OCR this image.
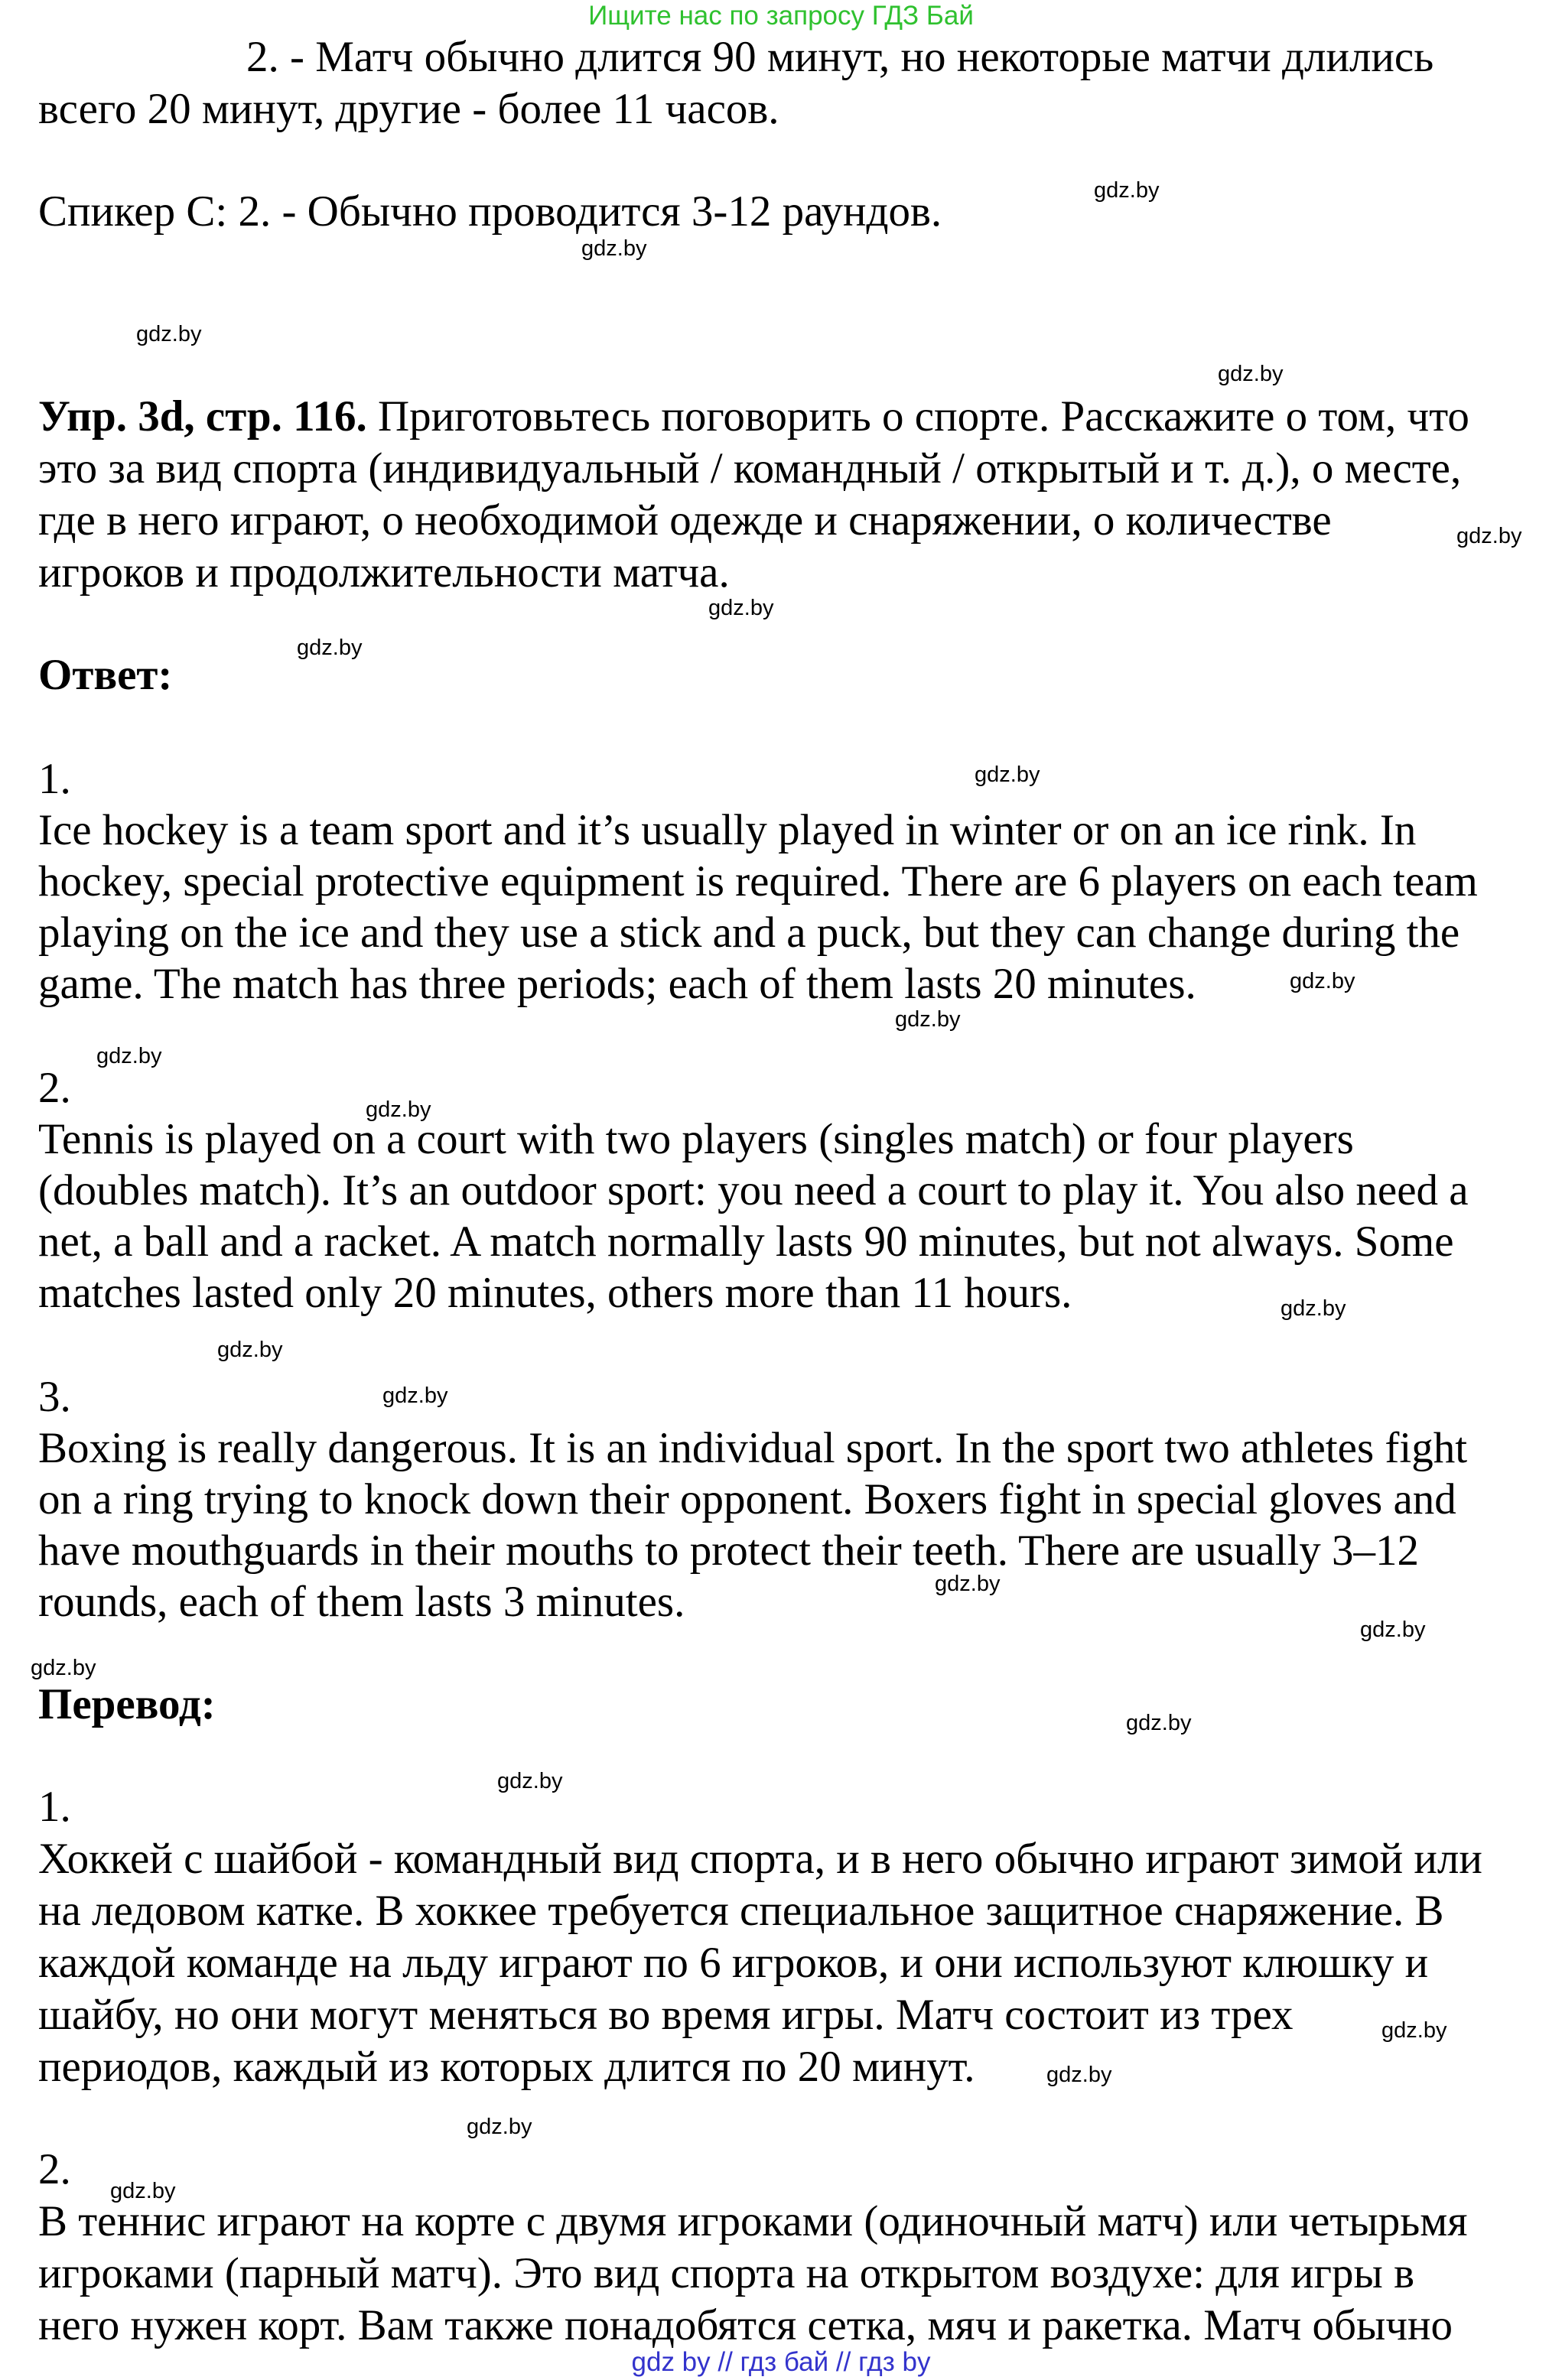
Ищите нас по запросу ГДЗ Бай
2. - Матч обычно длится 90 минут, но некоторые матчи длились
всего 20 минут, другие - более 11 часов.
Спикер С: 2. - Обычно проводится 3-12 раундов.
Упр. 3d, стр. 116. Приготовьтесь поговорить о спорте. Расскажите о том, что
это за вид спорта (индивидуальный / командный / открытый и т. д.), о месте,
где в него играют, о необходимой одежде и снаряжении, о количестве
игроков и продолжительности матча.
Ответ:
1.
Ice hockey is a team sport and it’s usually played in winter or on an ice rink. In
hockey, special protective equipment is required. There are 6 players on each team
playing on the ice and they use a stick and a puck, but they can change during the
game. The match has three periods; each of them lasts 20 minutes.
2.
Tennis is played on a court with two players (singles match) or four players
(doubles match). It’s an outdoor sport: you need a court to play it. You also need a
net, a ball and a racket. A match normally lasts 90 minutes, but not always. Some
matches lasted only 20 minutes, others more than 11 hours.
3.
Boxing is really dangerous. It is an individual sport. In the sport two athletes fight
on a ring trying to knock down their opponent. Boxers fight in special gloves and
have mouthguards in their mouths to protect their teeth. There are usually 3–12
rounds, each of them lasts 3 minutes.
Перевод:
1.
Хоккей с шайбой - командный вид спорта, и в него обычно играют зимой или
на ледовом катке. В хоккее требуется специальное защитное снаряжение. В
каждой команде на льду играют по 6 игроков, и они используют клюшку и
шайбу, но они могут меняться во время игры. Матч состоит из трех
периодов, каждый из которых длится по 20 минут.
2.
В теннис играют на корте с двумя игроками (одиночный матч) или четырьмя
игроками (парный матч). Это вид спорта на открытом воздухе: для игры в
него нужен корт. Вам также понадобятся сетка, мяч и ракетка. Матч обычно
gdz.by
gdz.by
gdz.by
gdz.by
gdz.by
gdz.by
gdz.by
gdz.by
gdz.by
gdz.by
gdz.by
gdz.by
gdz.by
gdz.by
gdz.by
gdz.by
gdz.by
gdz.by
gdz.by
gdz.by
gdz.by
gdz.by
gdz.by
gdz.by
gdz by // гдз бай // гдз by
